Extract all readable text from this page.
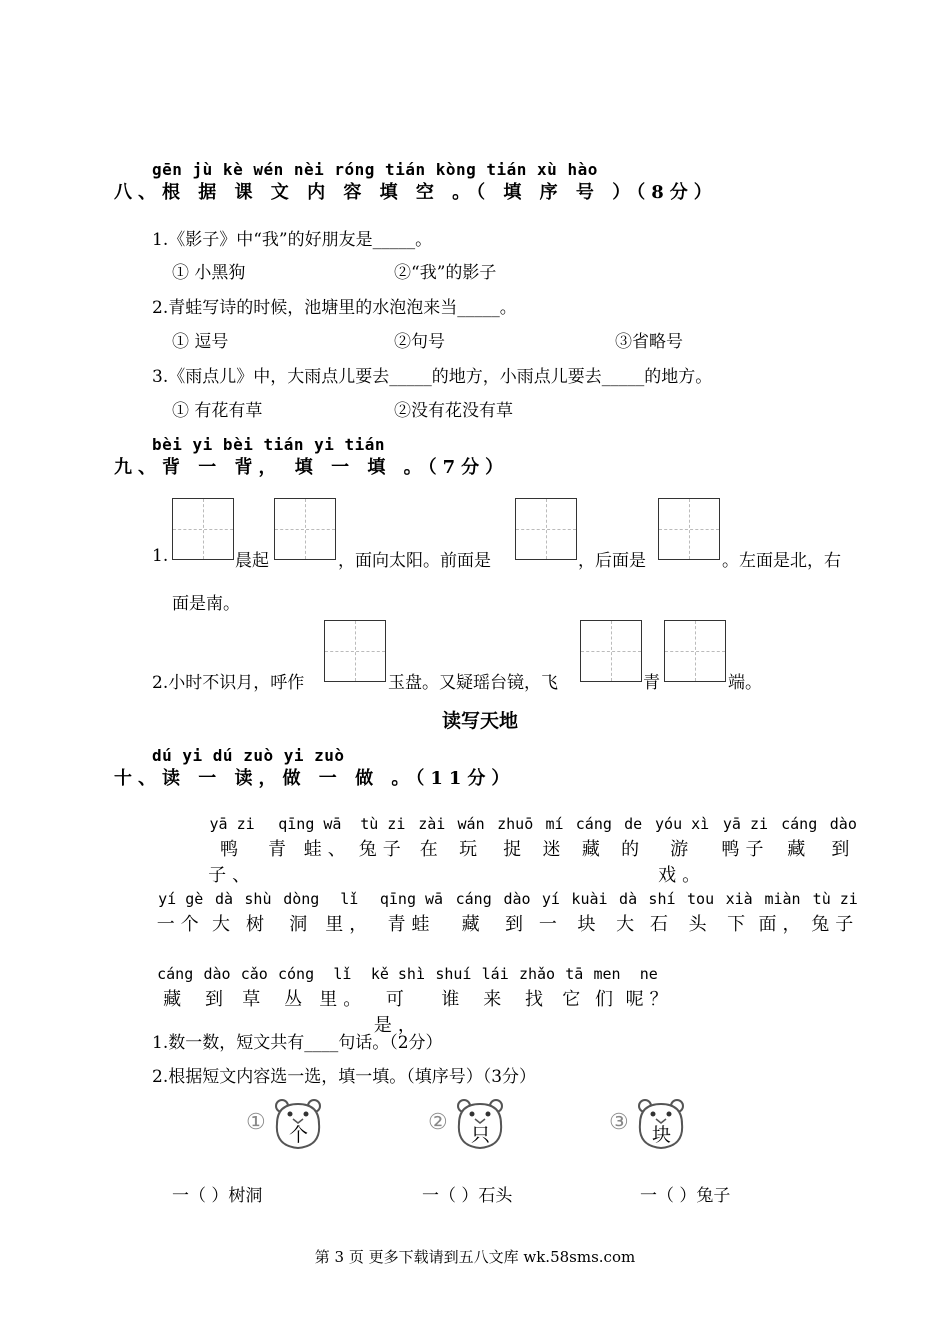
gēn jù kè wén nèi róng tián kòng tián xù hào
八、根 据 课 文 内 容 填 空 。（ 填 序 号 ）（8分）
1.《影子》中“我”的好朋友是_____。
① 小黑狗	②“我”的影子
2.青蛙写诗的时候，池塘里的水泡泡来当_____。
① 逗号	②句号	③省略号
3.《雨点儿》中，大雨点儿要去_____的地方，小雨点儿要去_____的地方。
① 有花有草	②没有花没有草
bèi yi bèi tián yi tián
九、背 一 背， 填 一 填 。（7分）
1.	晨起	，面向太阳。前面是	，后面是	。左面是北，右
面是南。
2.小时不识月，呼作	玉盘。又疑瑶台镜，飞	青	端。
读写天地
dú yi dú zuò yi zuò
十、读 一 读，做 一 做 。（11分）
yā zi
鸭子、
qīng wā
青 蛙、
tù zi
兔子
zài
在
wán
玩
zhuō
捉
mí
迷
cáng
藏
de
的
yóu xì
游戏。
yā zi
鸭子
cáng
藏
dào
到
yí gè
一个
dà
大
shù
树
dòng
洞
lǐ
里，
qīng wā
青蛙
cáng
藏
dào
到
yí
一
kuài
块
dà
大
shí
石
tou
头
xià
下
miàn
面，
tù zi
兔子
cáng
藏
dào
到
cǎo
草
cóng
丛
lǐ
里。
kě shì
可是，
shuí
谁
lái
来
zhǎo
找
tā
它
men
们
ne
呢？
1.数一数，短文共有____句话。（2分）
2.根据短文内容选一选，填一填。（填序号）（3分）
① 个	② 只	③ 块
一（ ）树洞	一（ ）石头	一（ ）兔子
第 3 页 更多下载请到五八文库 wk.58sms.com
